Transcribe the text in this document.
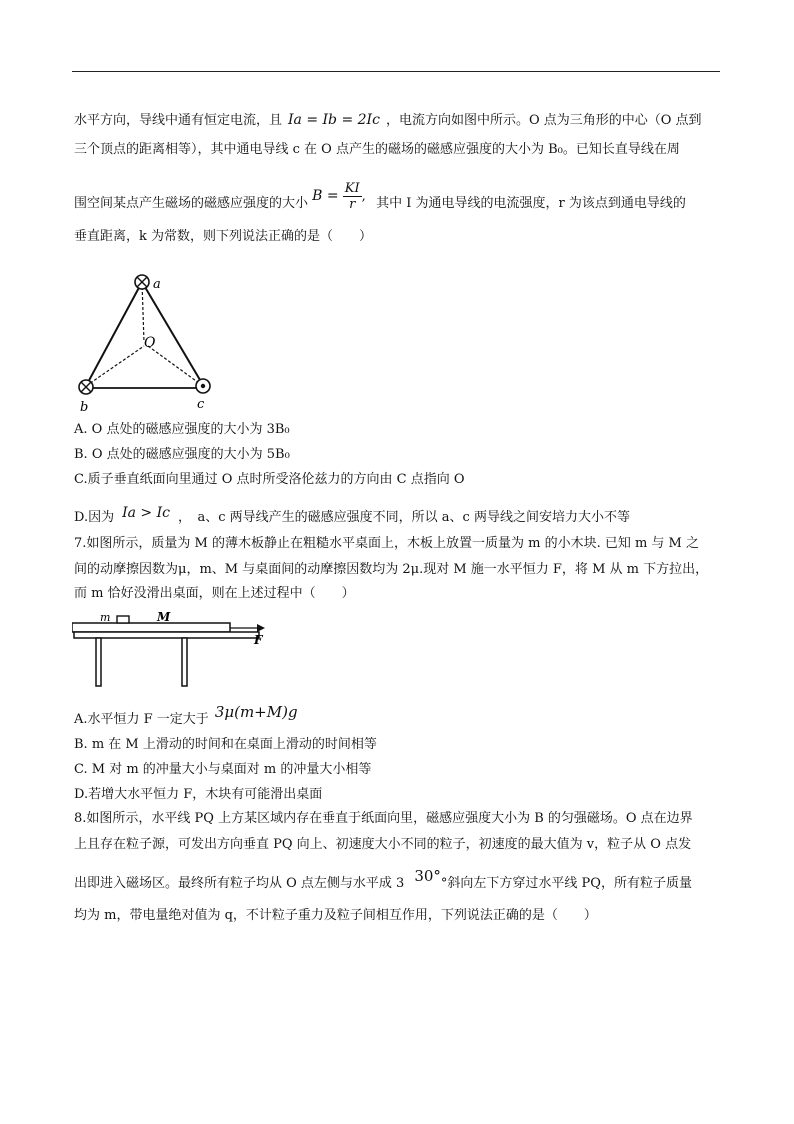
水平方向，导线中通有恒定电流，且 Ia = Ib = 2Ic ，电流方向如图中所示。O 点为三角形的中心（O 点到
三个顶点的距离相等），其中通电导线 c 在 O 点产生的磁场的磁感应强度的大小为 B₀。已知长直导线在周
围空间某点产生磁场的磁感应强度的大小 $B = \frac{KI}{r}$ , 其中 I 为通电导线的电流强度，r 为该点到通电导线的
垂直距离，k 为常数，则下列说法正确的是（　　）
a
O
b	c
A. O 点处的磁感应强度的大小为 3B₀
B. O 点处的磁感应强度的大小为 5B₀
C.质子垂直纸面向里通过 O 点时所受洛伦兹力的方向由 C 点指向 O
D.因为 Ia > Ic ，　a、c 两导线产生的磁感应强度不同，所以 a、c 两导线之间安培力大小不等
7.如图所示，质量为 M 的薄木板静止在粗糙水平桌面上，木板上放置一质量为 m 的小木块. 已知 m 与 M 之
间的动摩擦因数为μ，m、M 与桌面间的动摩擦因数均为 2μ.现对 M 施一水平恒力 F，将 M 从 m 下方拉出，
而 m 恰好没滑出桌面，则在上述过程中（　　）
m	M
F
A.水平恒力 F 一定大于 3μ(m+M)g
B. m 在 M 上滑动的时间和在桌面上滑动的时间相等
C. M 对 m 的冲量大小与桌面对 m 的冲量大小相等
D.若增大水平恒力 F，木块有可能滑出桌面
8.如图所示，水平线 PQ 上方某区域内存在垂直于纸面向里，磁感应强度大小为 B 的匀强磁场。O 点在边界
上且存在粒子源，可发出方向垂直 PQ 向上、初速度大小不同的粒子，初速度的最大值为 v，粒子从 O 点发
出即进入磁场区。最终所有粒子均从 O 点左侧与水平成 3 30°°斜向左下方穿过水平线 PQ，所有粒子质量
均为 m，带电量绝对值为 q，不计粒子重力及粒子间相互作用，下列说法正确的是（　　）
